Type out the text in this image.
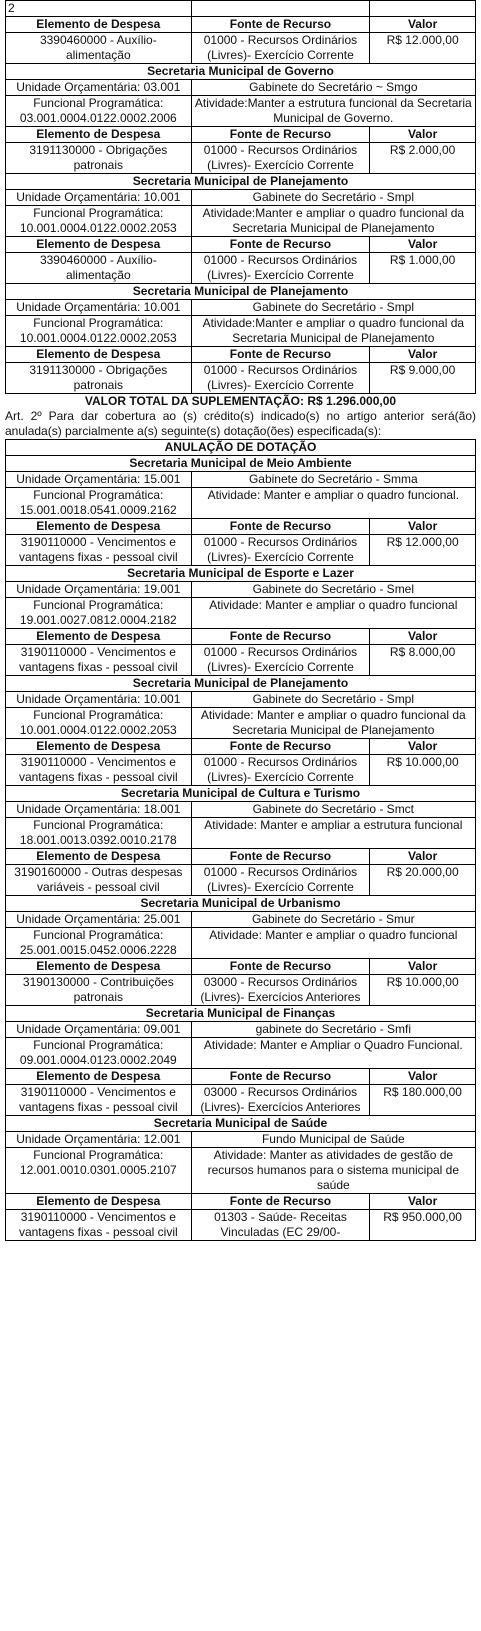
2		
Elemento de Despesa	Fonte de Recurso	Valor
3390460000 - Auxílio-alimentação	01000 - Recursos Ordinários (Livres)- Exercício Corrente	R$ 12.000,00
Secretaria Municipal de Governo		
Unidade Orçamentária: 03.001	Gabinete do Secretário ~ Smgo	
Funcional Programática: 03.001.0004.0122.0002.2006	Atividade:Manter a estrutura funcional da Secretaria Municipal de Governo.	
Elemento de Despesa	Fonte de Recurso	Valor
3191130000 - Obrigações patronais	01000 - Recursos Ordinários (Livres)- Exercício Corrente	R$ 2.000,00
Secretaria Municipal de Planejamento		
Unidade Orçamentária: 10.001	Gabinete do Secretário - Smpl	
Funcional Programática: 10.001.0004.0122.0002.2053	Atividade:Manter e ampliar o quadro funcional da Secretaria Municipal de Planejamento	
Elemento de Despesa	Fonte de Recurso	Valor
3390460000 - Auxílio-alimentação	01000 - Recursos Ordinários (Livres)- Exercício Corrente	R$ 1.000,00
Secretaria Municipal de Planejamento		
Unidade Orçamentária: 10.001	Gabinete do Secretário - Smpl	
Funcional Programática: 10.001.0004.0122.0002.2053	Atividade:Manter e ampliar o quadro funcional da Secretaria Municipal de Planejamento	
Elemento de Despesa	Fonte de Recurso	Valor
3191130000 - Obrigações patronais	01000 - Recursos Ordinários (Livres)- Exercício Corrente	R$ 9.000,00
VALOR TOTAL DA SUPLEMENTAÇÃO: R$ 1.296.000,00

Art. 2º Para dar cobertura ao (s) crédito(s) indicado(s) no artigo anterior será(ão) anulada(s) parcialmente a(s) seguinte(s) dotação(ões) especificada(s):

ANULAÇÃO DE DOTAÇÃO		
Secretaria Municipal de Meio Ambiente		
Unidade Orçamentária: 15.001	Gabinete do Secretário - Smma	
Funcional Programática: 15.001.0018.0541.0009.2162	Atividade: Manter e ampliar o quadro funcional.	
Elemento de Despesa	Fonte de Recurso	Valor
3190110000 - Vencimentos e vantagens fixas - pessoal civil	01000 - Recursos Ordinários (Livres)- Exercício Corrente	R$ 12.000,00
Secretaria Municipal de Esporte e Lazer		
Unidade Orçamentária: 19.001	Gabinete do Secretário - Smel	
Funcional Programática: 19.001.0027.0812.0004.2182	Atividade: Manter e ampliar o quadro funcional	
Elemento de Despesa	Fonte de Recurso	Valor
3190110000 - Vencimentos e vantagens fixas - pessoal civil	01000 - Recursos Ordinários (Livres)- Exercício Corrente	R$ 8.000,00
Secretaria Municipal de Planejamento		
Unidade Orçamentária: 10.001	Gabinete do Secretário - Smpl	
Funcional Programática: 10.001.0004.0122.0002.2053	Atividade: Manter e ampliar o quadro funcional da Secretaria Municipal de Planejamento	
Elemento de Despesa	Fonte de Recurso	Valor
3190110000 - Vencimentos e vantagens fixas - pessoal civil	01000 - Recursos Ordinários (Livres)- Exercício Corrente	R$ 10.000,00
Secretaria Municipal de Cultura e Turismo		
Unidade Orçamentária: 18.001	Gabinete do Secretário - Smct	
Funcional Programática: 18.001.0013.0392.0010.2178	Atividade: Manter e ampliar a estrutura funcional	
Elemento de Despesa	Fonte de Recurso	Valor
3190160000 - Outras despesas variáveis - pessoal civil	01000 - Recursos Ordinários (Livres)- Exercício Corrente	R$ 20.000,00
Secretaria Municipal de Urbanismo		
Unidade Orçamentária: 25.001	Gabinete do Secretário - Smur	
Funcional Programática: 25.001.0015.0452.0006.2228	Atividade: Manter e ampliar o quadro funcional	
Elemento de Despesa	Fonte de Recurso	Valor
3190130000 - Contribuições patronais	03000 - Recursos Ordinários (Livres)- Exercícios Anteriores	R$ 10.000,00
Secretaria Municipal de Finanças		
Unidade Orçamentária: 09.001	gabinete do Secretário - Smfi	
Funcional Programática: 09.001.0004.0123.0002.2049	Atividade: Manter e Ampliar o Quadro Funcional.	
Elemento de Despesa	Fonte de Recurso	Valor
3190110000 - Vencimentos e vantagens fixas - pessoal civil	03000 - Recursos Ordinários (Livres)- Exercícios Anteriores	R$ 180.000,00
Secretaria Municipal de Saúde		
Unidade Orçamentária: 12.001	Fundo Municipal de Saúde	
Funcional Programática: 12.001.0010.0301.0005.2107	Atividade: Manter as atividades de gestão de recursos humanos para o sistema municipal de saúde	
Elemento de Despesa	Fonte de Recurso	Valor
3190110000 - Vencimentos e vantagens fixas - pessoal civil	01303 - Saúde- Receitas Vinculadas (EC 29/00-	R$ 950.000,00
